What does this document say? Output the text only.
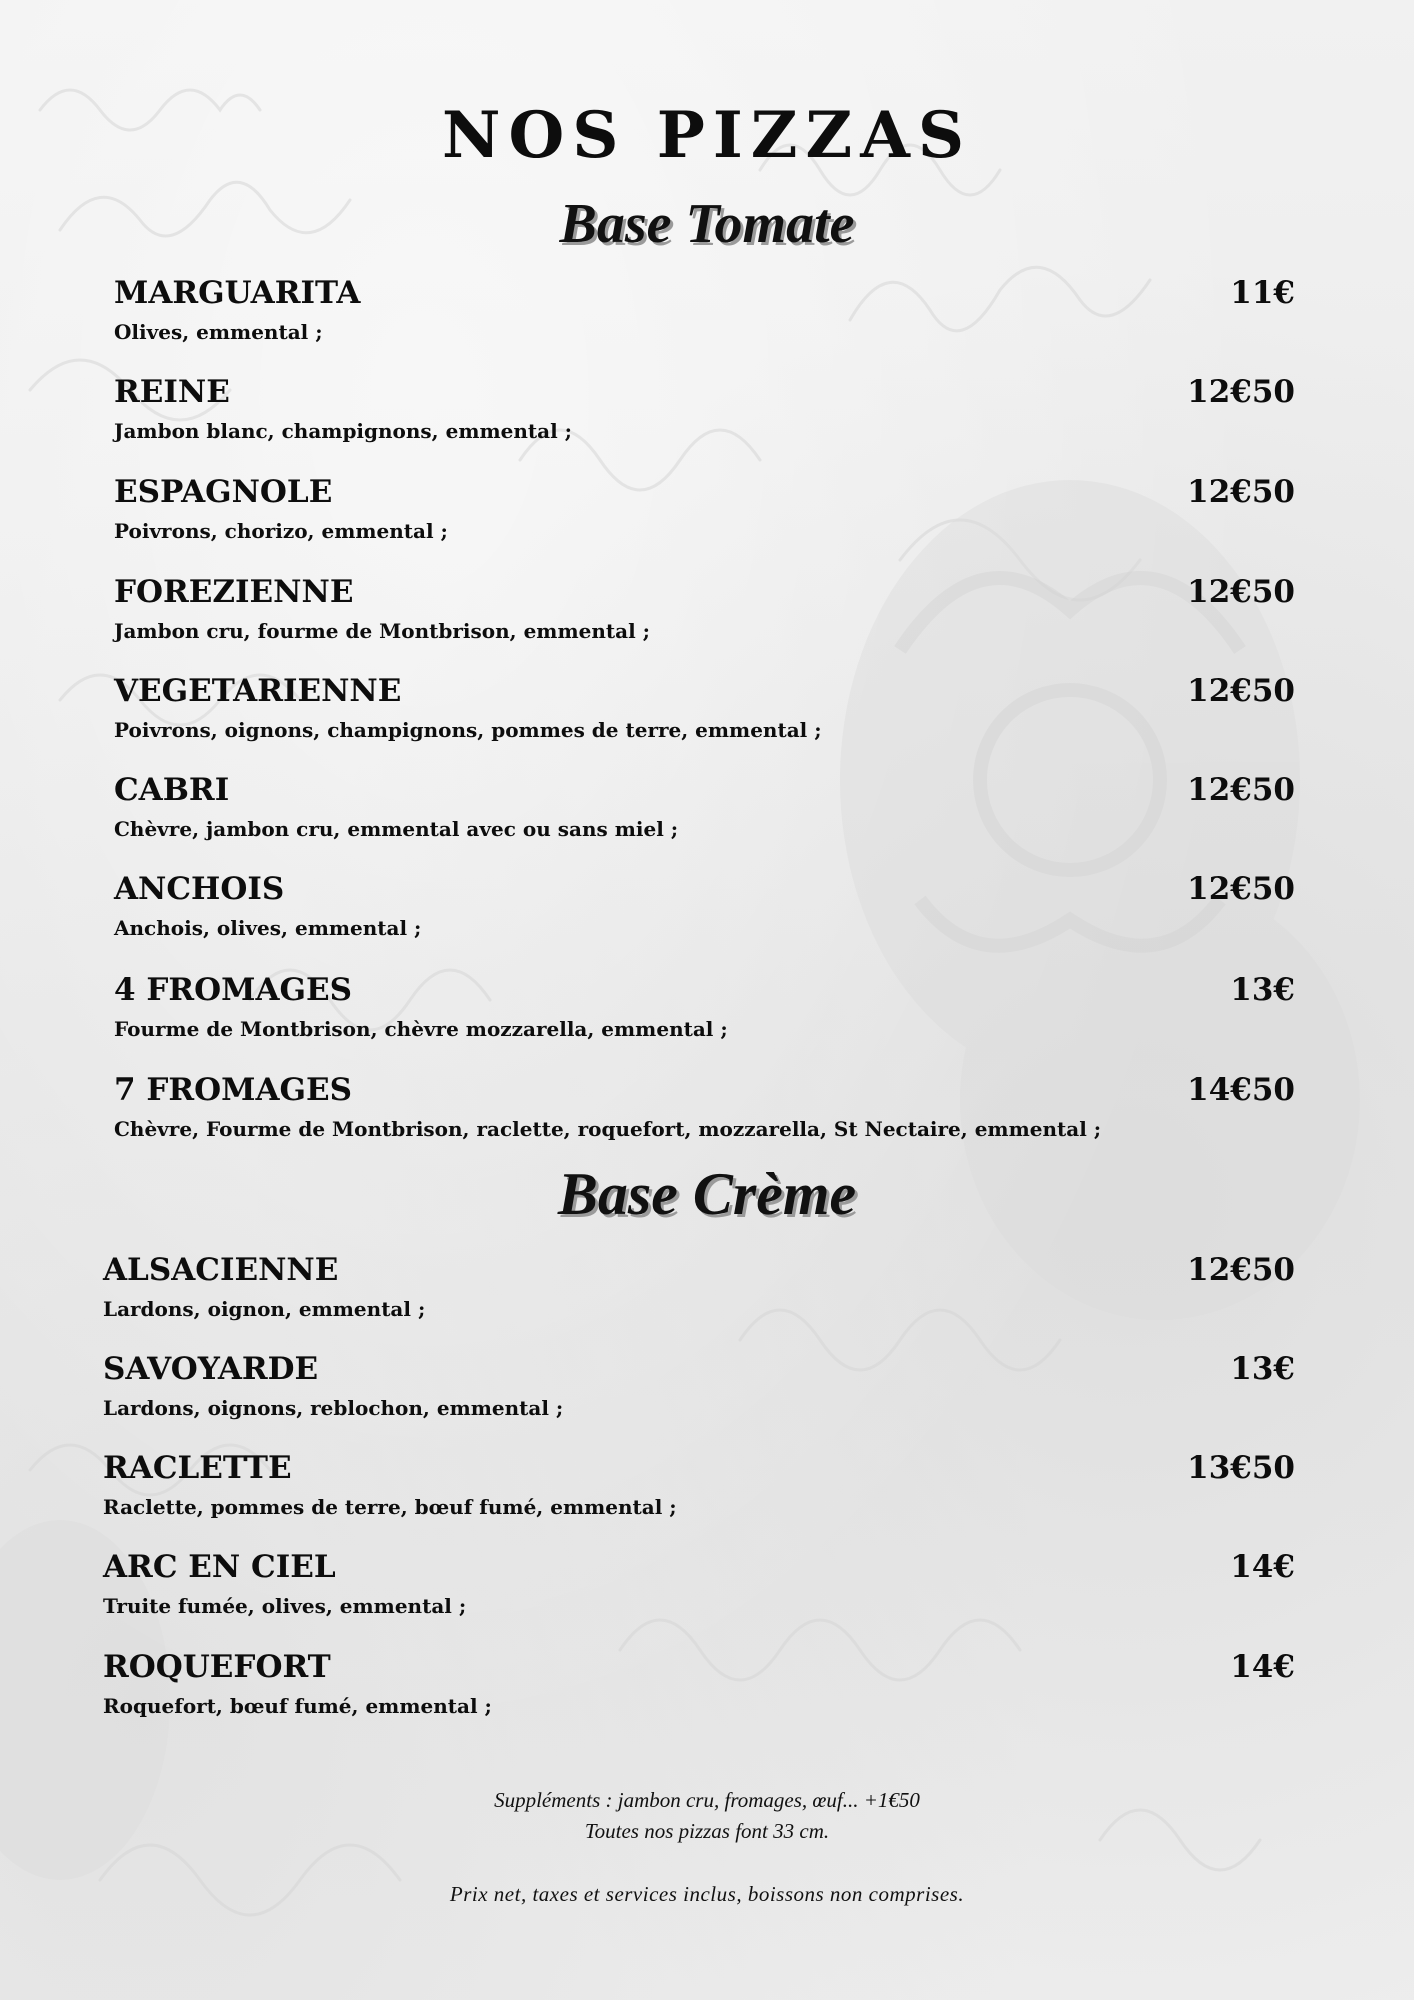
NOS PIZZAS
Base Tomate
MARGUARITA	11€
Olives, emmental ;
REINE	12€50
Jambon blanc, champignons, emmental ;
ESPAGNOLE	12€50
Poivrons, chorizo, emmental ;
FOREZIENNE	12€50
Jambon cru, fourme de Montbrison, emmental ;
VEGETARIENNE	12€50
Poivrons, oignons, champignons, pommes de terre, emmental ;
CABRI	12€50
Chèvre, jambon cru, emmental avec ou sans miel ;
ANCHOIS	12€50
Anchois, olives, emmental ;
4 FROMAGES	13€
Fourme de Montbrison, chèvre mozzarella, emmental ;
7 FROMAGES	14€50
Chèvre, Fourme de Montbrison, raclette, roquefort, mozzarella, St Nectaire, emmental ;
Base Crème
ALSACIENNE	12€50
Lardons, oignon, emmental ;
SAVOYARDE	13€
Lardons, oignons, reblochon, emmental ;
RACLETTE	13€50
Raclette, pommes de terre, bœuf fumé, emmental ;
ARC EN CIEL	14€
Truite fumée, olives, emmental ;
ROQUEFORT	14€
Roquefort, bœuf fumé, emmental ;

Suppléments : jambon cru, fromages, œuf... +1€50

Toutes nos pizzas font 33 cm.

Prix net, taxes et services inclus, boissons non comprises.
